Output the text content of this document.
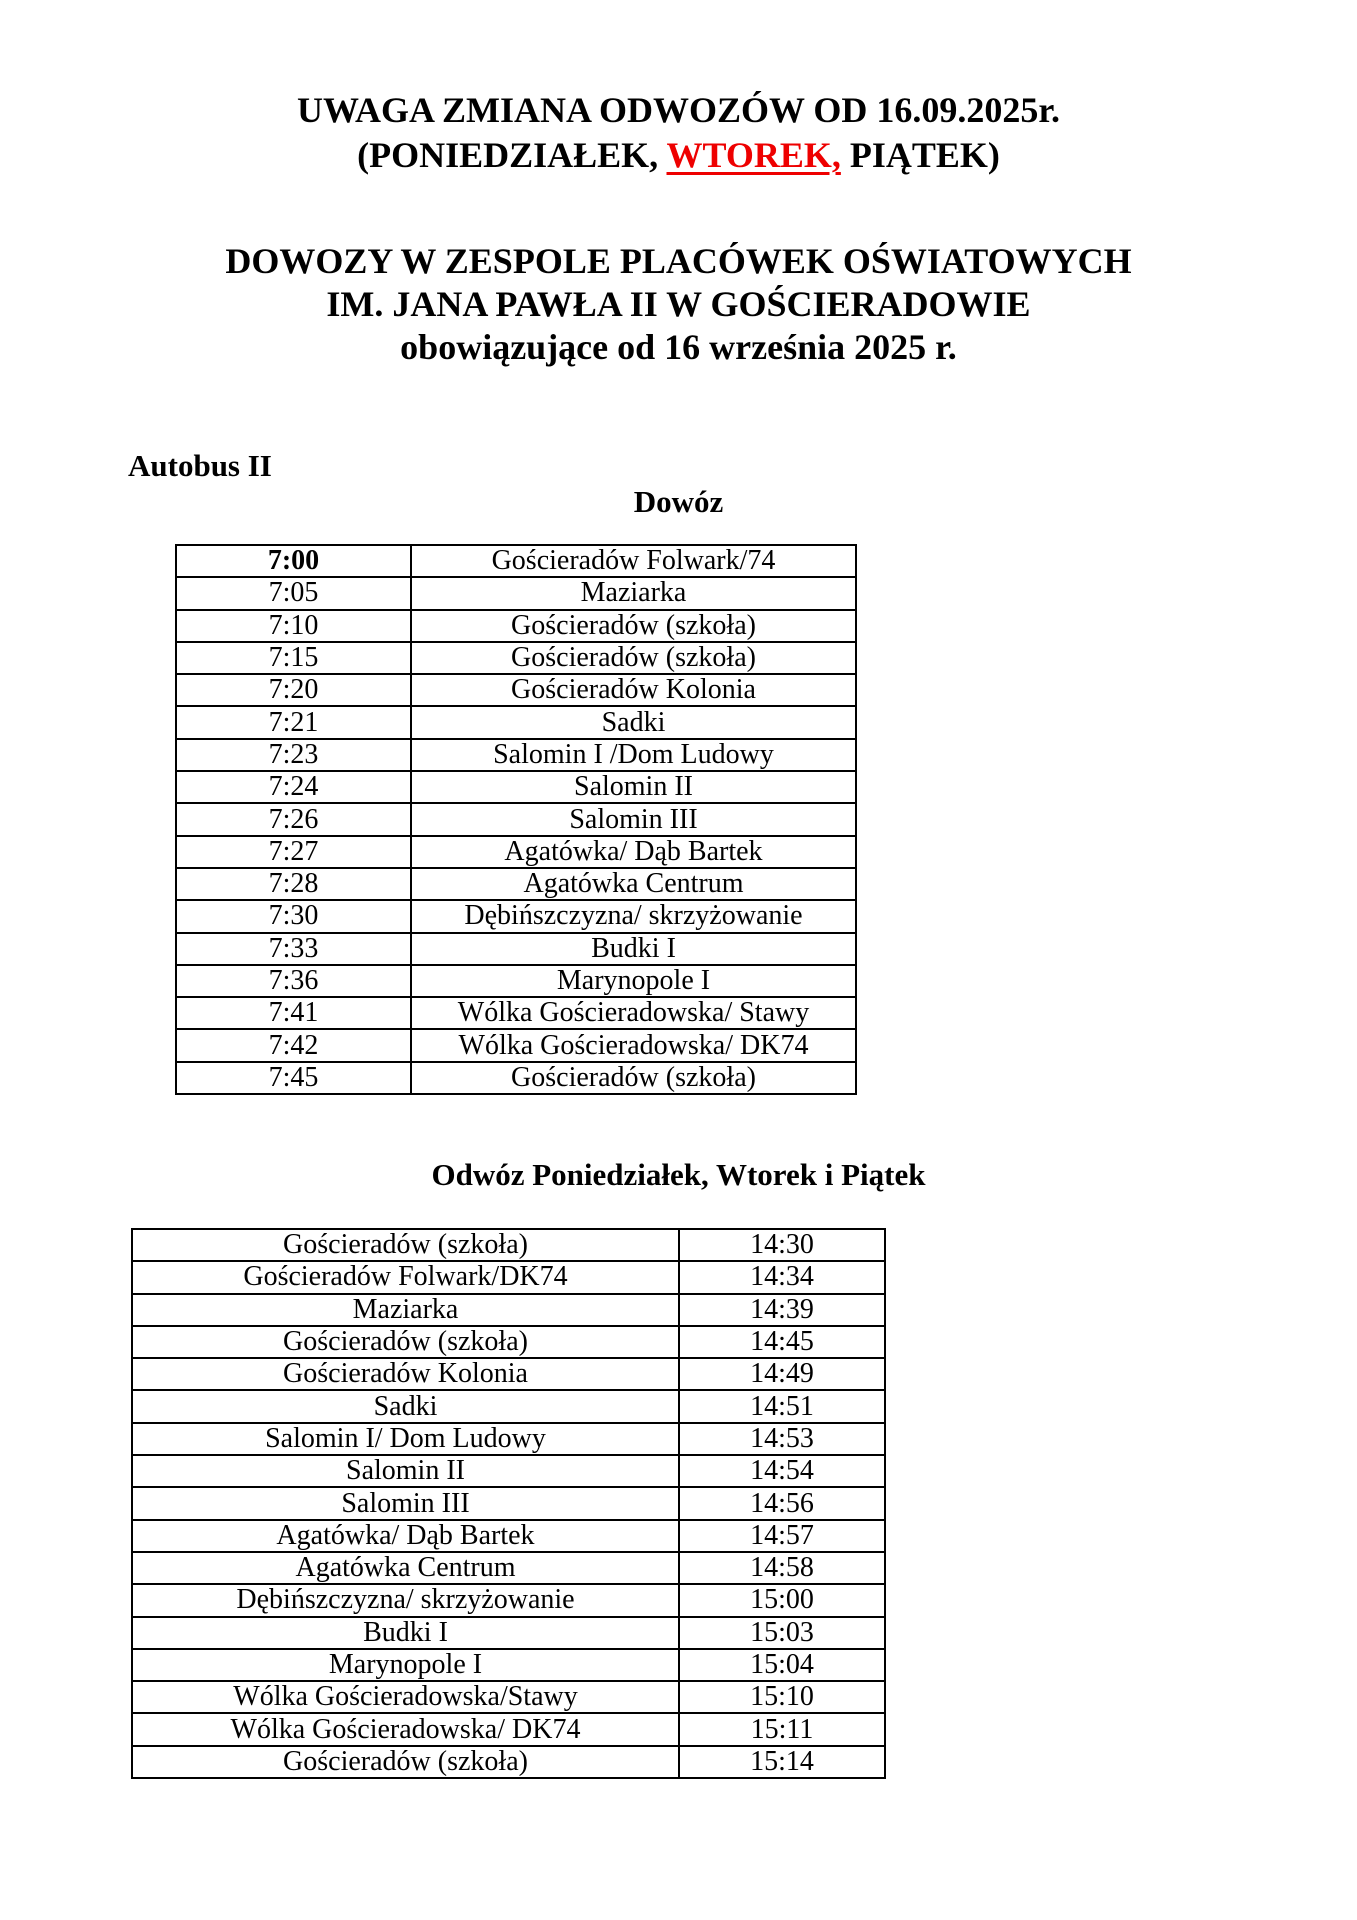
UWAGA ZMIANA ODWOZÓW OD 16.09.2025r.
(PONIEDZIAŁEK, WTOREK, PIĄTEK)
DOWOZY W ZESPOLE PLACÓWEK OŚWIATOWYCH
IM. JANA PAWŁA II W GOŚCIERADOWIE
obowiązujące od 16 września 2025 r.
Autobus II
Dowóz
7:00	Gościeradów Folwark/74
7:05	Maziarka
7:10	Gościeradów (szkoła)
7:15	Gościeradów (szkoła)
7:20	Gościeradów Kolonia
7:21	Sadki
7:23	Salomin I /Dom Ludowy
7:24	Salomin II
7:26	Salomin III
7:27	Agatówka/ Dąb Bartek
7:28	Agatówka Centrum
7:30	Dębińszczyzna/ skrzyżowanie
7:33	Budki I
7:36	Marynopole I
7:41	Wólka Gościeradowska/ Stawy
7:42	Wólka Gościeradowska/ DK74
7:45	Gościeradów (szkoła)
Odwóz Poniedziałek, Wtorek i Piątek
Gościeradów (szkoła)	14:30
Gościeradów Folwark/DK74	14:34
Maziarka	14:39
Gościeradów (szkoła)	14:45
Gościeradów Kolonia	14:49
Sadki	14:51
Salomin I/ Dom Ludowy	14:53
Salomin II	14:54
Salomin III	14:56
Agatówka/ Dąb Bartek	14:57
Agatówka Centrum	14:58
Dębińszczyzna/ skrzyżowanie	15:00
Budki I	15:03
Marynopole I	15:04
Wólka Gościeradowska/Stawy	15:10
Wólka Gościeradowska/ DK74	15:11
Gościeradów (szkoła)	15:14
